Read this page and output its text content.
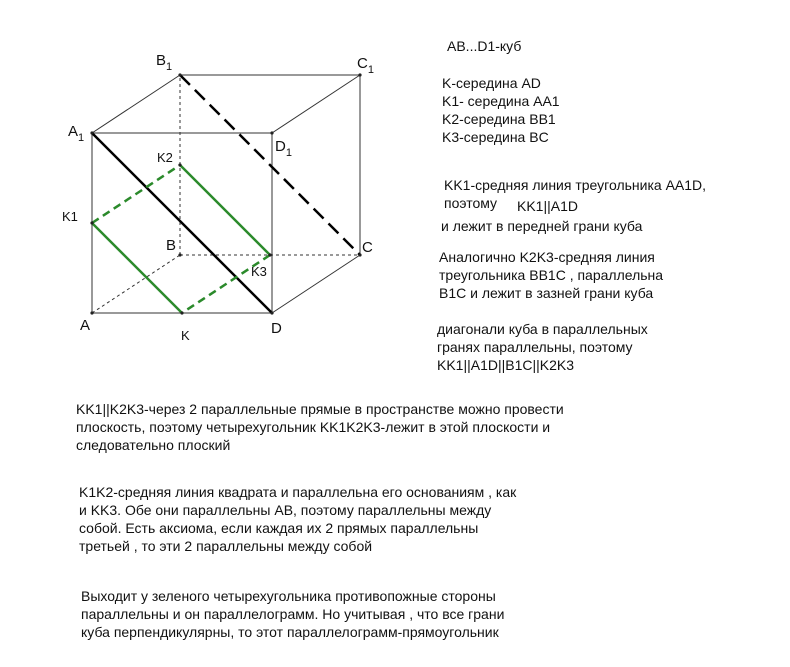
$B_1$	$C_1$
$A_1$	$D_1$
B	C
A	D
K
K1
K2
K3
AB...D1-куб
K-середина AD
K1- середина AA1
K2-середина BB1
K3-середина BC
KK1-средняя линия треугольника AA1D,
поэтому KK1||A1D
и лежит в передней грани куба
Аналогично K2K3-средняя линия
треугольника BB1C , параллельна
B1C и лежит в зазней грани куба
диагонали куба в параллельных
гранях параллельны, поэтому
KK1||A1D||B1C||K2K3
KK1||K2K3-через 2 параллельные прямые в пространстве можно провести
плоскость, поэтому четырехугольник KK1K2K3-лежит в этой плоскости и
следовательно плоский
K1K2-средняя линия квадрата и параллельна его основаниям , как
и KK3. Обе они параллельны AB, поэтому параллельны между
собой. Есть аксиома, если каждая их 2 прямых параллельны
третьей , то эти 2 параллельны между собой
Выходит у зеленого четырехугольника противопожные стороны
параллельны и он параллелограмм. Но учитывая , что все грани
куба перпендикулярны, то этот параллелограмм-прямоугольник
